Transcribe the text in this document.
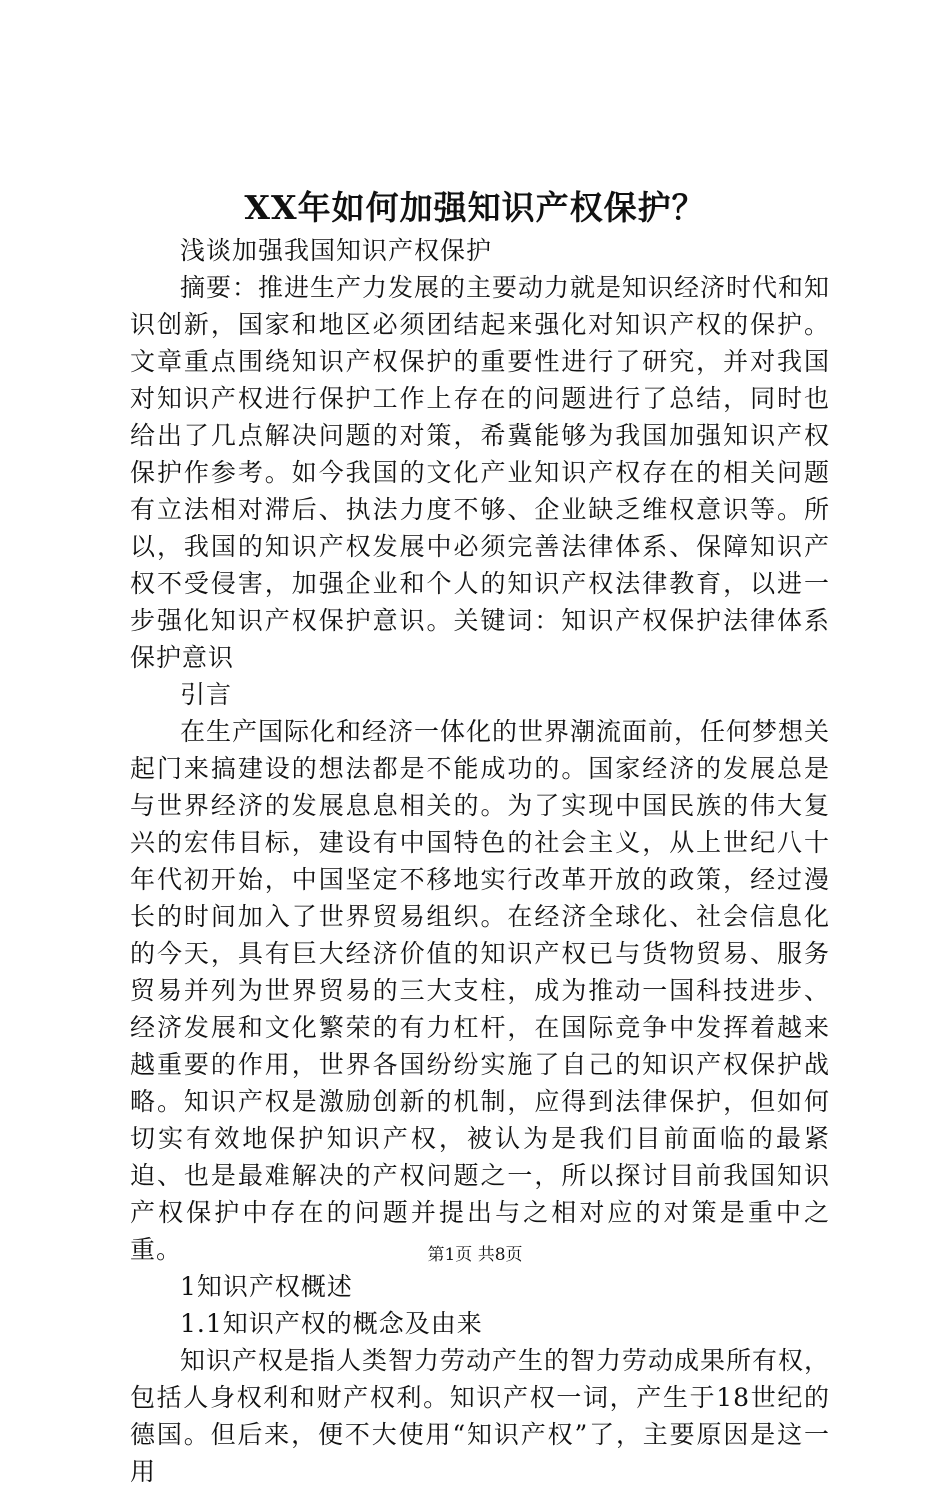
XX年如何加强知识产权保护？

浅谈加强我国知识产权保护

摘要：推进生产力发展的主要动力就是知识经济时代和知识创新，国家和地区必须团结起来强化对知识产权的保护。文章重点围绕知识产权保护的重要性进行了研究，并对我国对知识产权进行保护工作上存在的问题进行了总结，同时也给出了几点解决问题的对策，希冀能够为我国加强知识产权保护作参考。如今我国的文化产业知识产权存在的相关问题有立法相对滞后、执法力度不够、企业缺乏维权意识等。所以，我国的知识产权发展中必须完善法律体系、保障知识产权不受侵害，加强企业和个人的知识产权法律教育，以进一步强化知识产权保护意识。关键词：知识产权保护法律体系保护意识

引言

在生产国际化和经济一体化的世界潮流面前，任何梦想关起门来搞建设的想法都是不能成功的。国家经济的发展总是与世界经济的发展息息相关的。为了实现中国民族的伟大复兴的宏伟目标，建设有中国特色的社会主义，从上世纪八十年代初开始，中国坚定不移地实行改革开放的政策，经过漫长的时间加入了世界贸易组织。在经济全球化、社会信息化的今天，具有巨大经济价值的知识产权已与货物贸易、服务贸易并列为世界贸易的三大支柱，成为推动一国科技进步、经济发展和文化繁荣的有力杠杆，在国际竞争中发挥着越来越重要的作用，世界各国纷纷实施了自己的知识产权保护战略。知识产权是激励创新的机制，应得到法律保护，但如何切实有效地保护知识产权，被认为是我们目前面临的最紧迫、也是最难解决的产权问题之一，所以探讨目前我国知识产权保护中存在的问题并提出与之相对应的对策是重中之重。

1知识产权概述

1.1知识产权的概念及由来

知识产权是指人类智力劳动产生的智力劳动成果所有权，包括人身权利和财产权利。知识产权一词，产生于18世纪的德国。但后来，便不大使用“知识产权”了，主要原因是这一用

第1页 共8页
